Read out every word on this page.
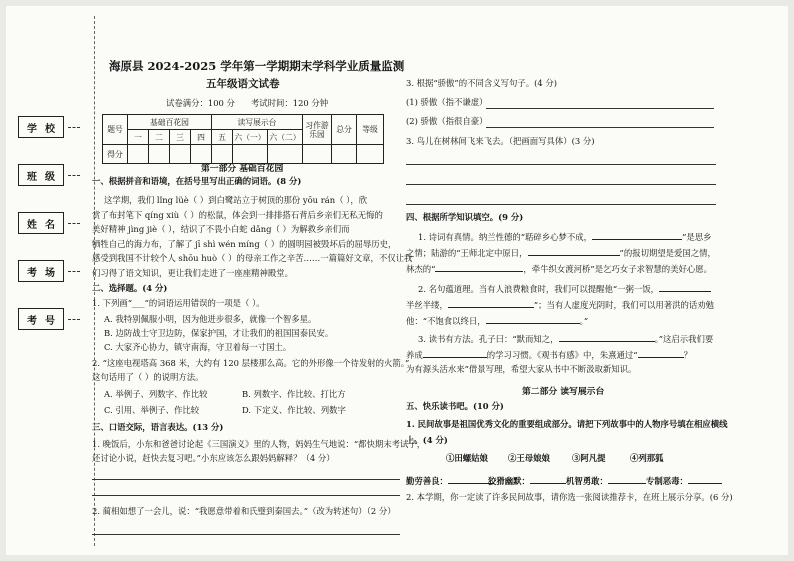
学校
班级
姓名
考场
考号
海原县 2024-2025 学年第一学期期末学科学业质量监测
五年级语文试卷
试卷满分：100 分      考试时间：120 分钟
题号	基础百花园				读写展示台			习作游乐园	总分	等级
	一	二	三	四	五	六（一）	六（二）			
得分										
第一部分 基础百花园
一、根据拼音和语境，在括号里写出正确的词语。(8 分)
这学期，我们 lǐng lüè（ ）到白鹭站立于树顶的那份 yōu rán（ ），欣
赏了布封笔下 qíng xiù（ ）的松鼠，体会到一排排搭石背后乡亲们无私无悔的
美好精神 jìng jiè（ ），结识了不畏小白蛇 dǎng（ ）为解救乡亲们而
牺牲自己的海力布，了解了 jī shì wén míng（ ）的圆明园被毁坏后的屈辱历史，
感受到我国不计较个人 shōu huò（ ）的母亲工作之辛苦……一篇篇好文章，不仅让我
们习得了语文知识，更让我们走进了一座座精神殿堂。
二、选择题。(4 分)
1. 下列画“___”的词语运用错误的一项是（ ）。
A. 我特别佩服小明，因为他进步很多，就像一个智多星。
B. 边防战士守卫边防，保家护国，才让我们的祖国国泰民安。
C. 大家齐心协力，镇守南海，守卫着每一寸国土。
2. “这座电视塔高 368 米，大约有 120 层楼那么高。它的外形像一个待发射的火箭。”
这句话用了（ ）的说明方法。
A. 举例子、列数字、作比较	B. 列数字、作比较、打比方
C. 引用、举例子、作比较	D. 下定义、作比较、列数字
三、口语交际，语言表达。(13 分)
1. 晚饭后，小东和爸爸讨论起《三国演义》里的人物，妈妈生气地说：“都快期末考试了，
还讨论小说，赶快去复习吧。”小东应该怎么跟妈妈解释？（4 分）
2. 蔺相如想了一会儿，说：“我愿意带着和氏璧到秦国去。”（改为转述句）（2 分）
3. 根据“骄傲”的不同含义写句子。(4 分)
(1) 骄傲（指不谦虚）
(2) 骄傲（指很自豪）
3. 鸟儿在树林间飞来飞去。（把画面写具体）(3 分)
四、根据所学知识填空。(9 分)
1. 诗词有真情。纳兰性德的“聒碎乡心梦不成，	”是思乡
之情；陆游的“王师北定中原日，	”的报切期望是爱国之情，
林杰的“	，牵牛织女渡河桥”是乞巧女子求智慧的美好心愿。
2. 名句蕴道理。当有人浪费粮食时，我们可以提醒他“一粥一饭，
半丝半缕，	”；当有人虚度光阴时，我们可以用著洪的话劝勉
他：“不饱食以终日，	。”
3. 读书有方法。孔子曰：“默而知之，	。”这启示我们要
养成	的学习习惯。《观书有感》中，朱熹通过“	？
为有源头活水来”借景写理，希望大家从书中不断汲取新知识。
第二部分 读写展示台
五、快乐读书吧。(10 分)
1. 民间故事是祖国优秀文化的重要组成部分。请把下列故事中的人物序号填在相应横线
上。(4 分)
①田螺姑娘 ②王母娘娘	③阿凡提	④列那狐
勤劳善良：	狡猾幽默：	机智勇敢：	专制恶毒：
2. 本学期，你一定读了许多民间故事，请你选一张阅读推荐卡，在班上展示分享。(6 分)
